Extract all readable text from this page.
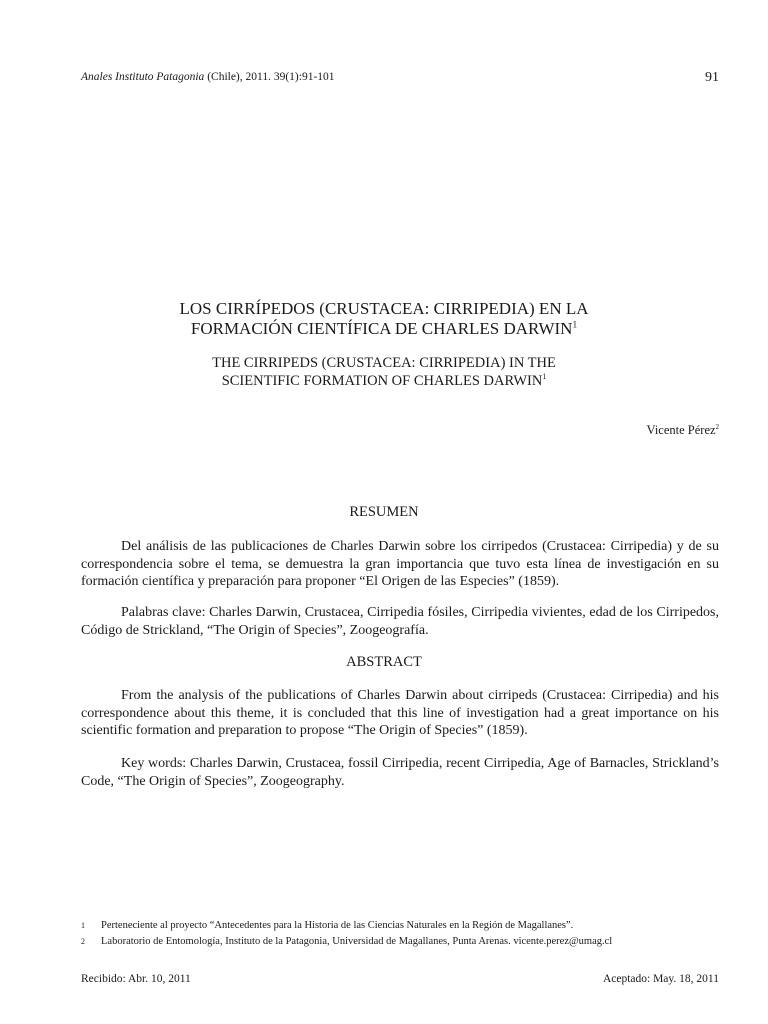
Anales Instituto Patagonia (Chile), 2011. 39(1):91-101	91
LOS CIRRÍPEDOS (CRUSTACEA: CIRRIPEDIA) EN LA
FORMACIÓN CIENTÍFICA DE CHARLES DARWIN$^1$
THE CIRRIPEDS (CRUSTACEA: CIRRIPEDIA) IN THE
SCIENTIFIC FORMATION OF CHARLES DARWIN$^1$
Vicente Pérez$^2$
RESUMEN
Del análisis de las publicaciones de Charles Darwin sobre los cirripedos (Crustacea: Cirripedia) y de su correspondencia sobre el tema, se demuestra la gran importancia que tuvo esta línea de investigación en su formación científica y preparación para proponer “El Origen de las Especies” (1859).
Palabras clave: Charles Darwin, Crustacea, Cirripedia fósiles, Cirripedia vivientes, edad de los Cirripedos, Código de Strickland, “The Origin of Species”, Zoogeografía.
ABSTRACT
From the analysis of the publications of Charles Darwin about cirripeds (Crustacea: Cirripedia) and his correspondence about this theme, it is concluded that this line of investigation had a great importance on his scientific formation and preparation to propose “The Origin of Species” (1859).
Key words: Charles Darwin, Crustacea, fossil Cirripedia, recent Cirripedia, Age of Barnacles, Strickland’s Code, “The Origin of Species”, Zoogeography.
1	Perteneciente al proyecto “Antecedentes para la Historia de las Ciencias Naturales en la Región de Magallanes”.
2	Laboratorio de Entomología, Instituto de la Patagonia, Universidad de Magallanes, Punta Arenas. vicente.perez@umag.cl
Recibido: Abr. 10, 2011	Aceptado: May. 18, 2011
